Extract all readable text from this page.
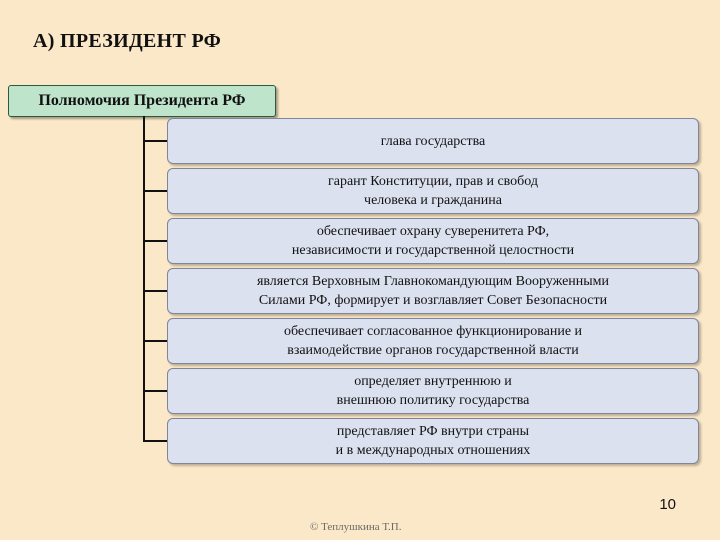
А) ПРЕЗИДЕНТ РФ
Полномочия Президента РФ
глава государства
гарант Конституции, прав и свобод
человека и гражданина
обеспечивает охрану суверенитета РФ,
независимости и государственной целостности
является Верховным Главнокомандующим Вооруженными
Силами РФ, формирует и возглавляет Совет Безопасности
обеспечивает согласованное функционирование и
взаимодействие органов государственной власти
определяет внутреннюю и
внешнюю политику государства
представляет РФ внутри страны
и в международных отношениях
10
© Теплушкина Т.П.
